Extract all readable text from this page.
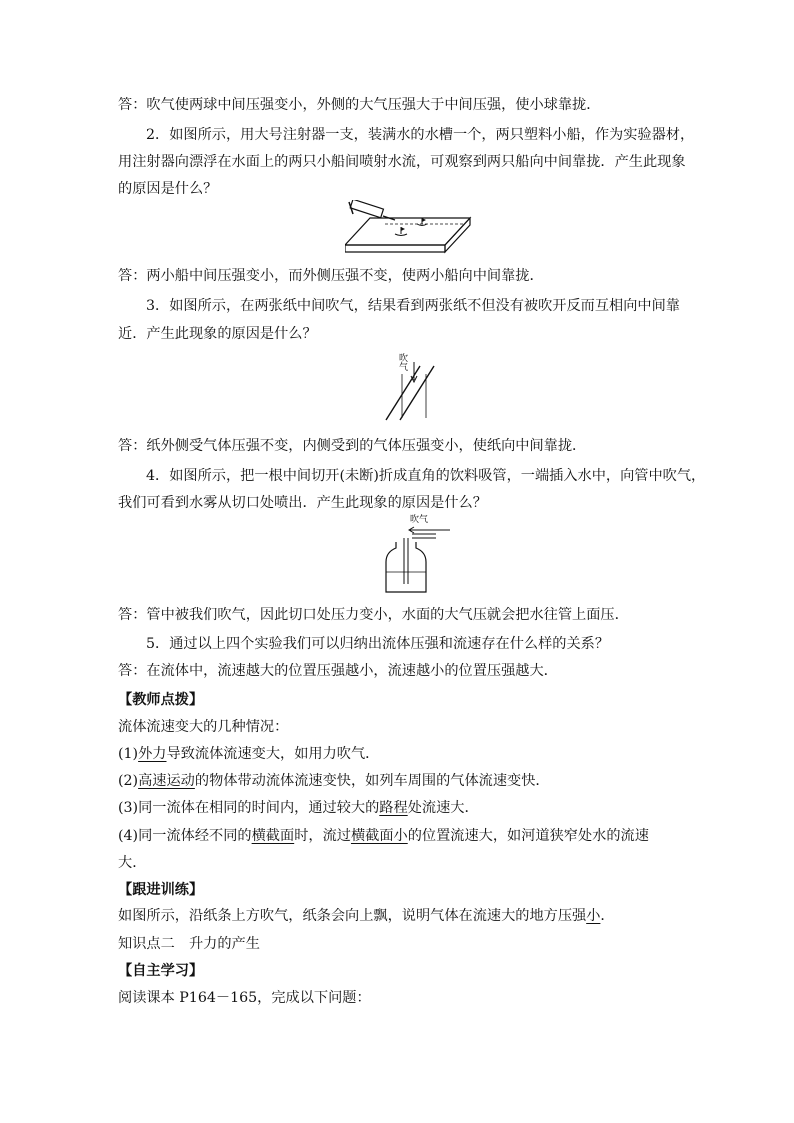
答：吹气使两球中间压强变小，外侧的大气压强大于中间压强，使小球靠拢．
2．如图所示，用大号注射器一支，装满水的水槽一个，两只塑料小船，作为实验器材，
用注射器向漂浮在水面上的两只小船间喷射水流，可观察到两只船向中间靠拢．产生此现象
的原因是什么？
答：两小船中间压强变小，而外侧压强不变，使两小船向中间靠拢．
3．如图所示，在两张纸中间吹气，结果看到两张纸不但没有被吹开反而互相向中间靠
近．产生此现象的原因是什么？
吹气
答：纸外侧受气体压强不变，内侧受到的气体压强变小，使纸向中间靠拢．
4．如图所示，把一根中间切开(未断)折成直角的饮料吸管，一端插入水中，向管中吹气，
我们可看到水雾从切口处喷出．产生此现象的原因是什么？
吹气
答：管中被我们吹气，因此切口处压力变小，水面的大气压就会把水往管上面压．
5．通过以上四个实验我们可以归纳出流体压强和流速存在什么样的关系？
答：在流体中，流速越大的位置压强越小，流速越小的位置压强越大．
【教师点拨】
流体流速变大的几种情况：
(1)外力导致流体流速变大，如用力吹气．
(2)高速运动的物体带动流体流速变快，如列车周围的气体流速变快．
(3)同一流体在相同的时间内，通过较大的路程处流速大．
(4)同一流体经不同的横截面时，流过横截面小的位置流速大，如河道狭窄处水的流速
大．
【跟进训练】
如图所示，沿纸条上方吹气，纸条会向上飘，说明气体在流速大的地方压强小．
知识点二　升力的产生
【自主学习】
阅读课本 P164－165，完成以下问题：
